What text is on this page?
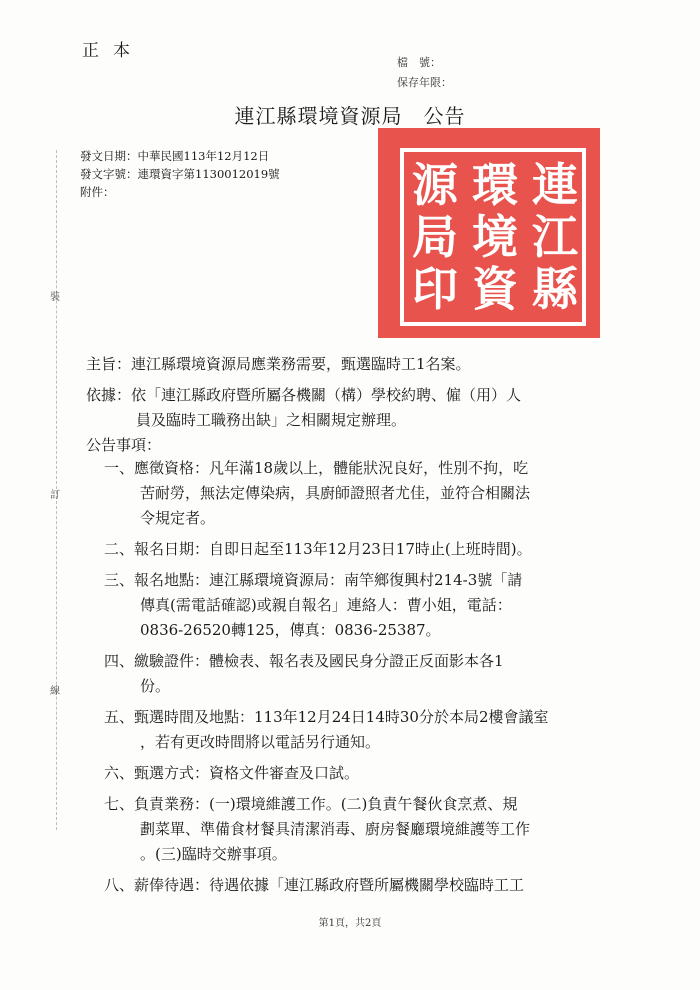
正本
檔　號：
保存年限：
連江縣環境資源局　公告
發文日期：中華民國113年12月12日
發文字號：連環資字第1130012019號
附件：	連
江
縣
環
境
資
源
局
印
裝
訂
線
主旨：連江縣環境資源局應業務需要，甄選臨時工1名案。
依據：依「連江縣政府暨所屬各機關（構）學校約聘、僱（用）人
員及臨時工職務出缺」之相關規定辦理。
公告事項：
一、應徵資格：凡年滿18歲以上，體能狀況良好，性別不拘，吃
苦耐勞，無法定傳染病，具廚師證照者尤佳，並符合相關法
令規定者。
二、報名日期：自即日起至113年12月23日17時止(上班時間)。
三、報名地點：連江縣環境資源局：南竿鄉復興村214-3號「請
傳真(需電話確認)或親自報名」連絡人：曹小姐，電話：
0836-26520轉125，傳真：0836-25387。
四、繳驗證件：體檢表、報名表及國民身分證正反面影本各1
份。
五、甄選時間及地點：113年12月24日14時30分於本局2樓會議室
，若有更改時間將以電話另行通知。
六、甄選方式：資格文件審查及口試。
七、負責業務：(一)環境維護工作。(二)負責午餐伙食烹煮、規
劃菜單、準備食材餐具清潔消毒、廚房餐廳環境維護等工作
。(三)臨時交辦事項。
八、薪俸待遇：待遇依據「連江縣政府暨所屬機關學校臨時工工
第1頁，共2頁
